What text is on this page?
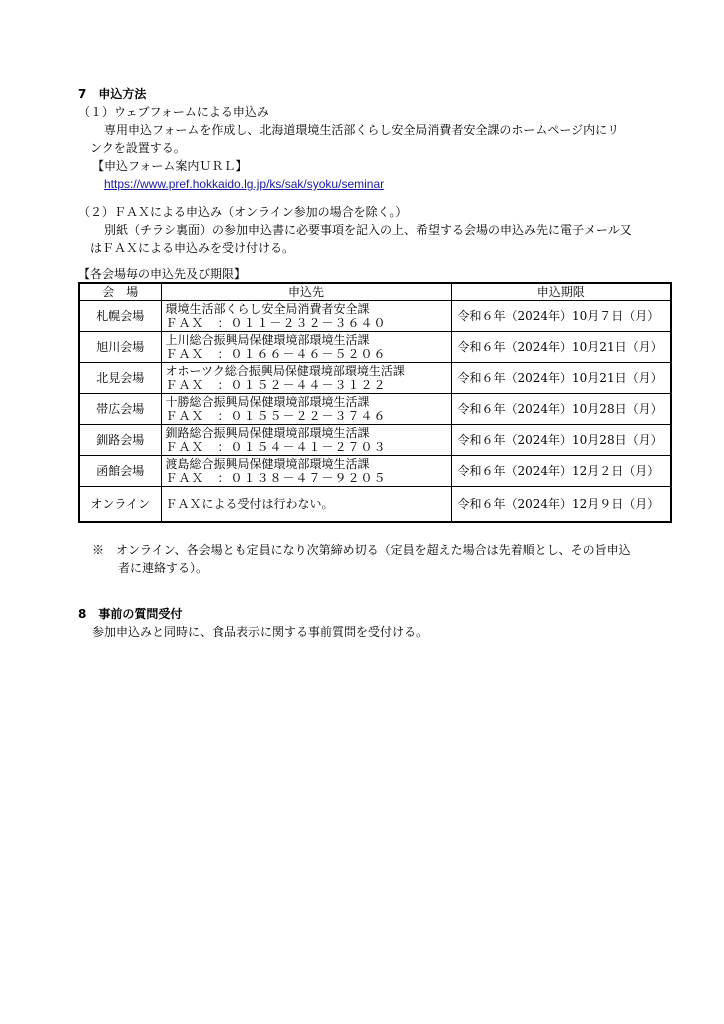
7　申込方法
（１）ウェブフォームによる申込み
専用申込フォームを作成し、北海道環境生活部くらし安全局消費者安全課のホームページ内にリ
ンクを設置する。
【申込フォーム案内ＵＲＬ】
https://www.pref.hokkaido.lg.jp/ks/sak/syoku/seminar
（２）ＦＡＸによる申込み（オンライン参加の場合を除く。）
別紙（チラシ裏面）の参加申込書に必要事項を記入の上、希望する会場の申込み先に電子メール又
はＦＡＸによる申込みを受け付ける。
【各会場毎の申込先及び期限】
会　場	申込先	申込期限
札幌会場	環境生活部くらし安全局消費者安全課
ＦＡＸ　：０１１－２３２－３６４０	令和６年（2024年）10月７日（月）
旭川会場	上川総合振興局保健環境部環境生活課
ＦＡＸ　：０１６６－４６－５２０６	令和６年（2024年）10月21日（月）
北見会場	オホーツク総合振興局保健環境部環境生活課
ＦＡＸ　：０１５２－４４－３１２２	令和６年（2024年）10月21日（月）
帯広会場	十勝総合振興局保健環境部環境生活課
ＦＡＸ　：０１５５－２２－３７４６	令和６年（2024年）10月28日（月）
釧路会場	釧路総合振興局保健環境部環境生活課
ＦＡＸ　：０１５４－４１－２７０３	令和６年（2024年）10月28日（月）
函館会場	渡島総合振興局保健環境部環境生活課
ＦＡＸ　：０１３８－４７－９２０５	令和６年（2024年）12月２日（月）
オンライン	ＦＡＸによる受付は行わない。	令和６年（2024年）12月９日（月）
※　オンライン、各会場とも定員になり次第締め切る（定員を超えた場合は先着順とし、その旨申込
者に連絡する）。
8　事前の質問受付
参加申込みと同時に、食品表示に関する事前質問を受付ける。
